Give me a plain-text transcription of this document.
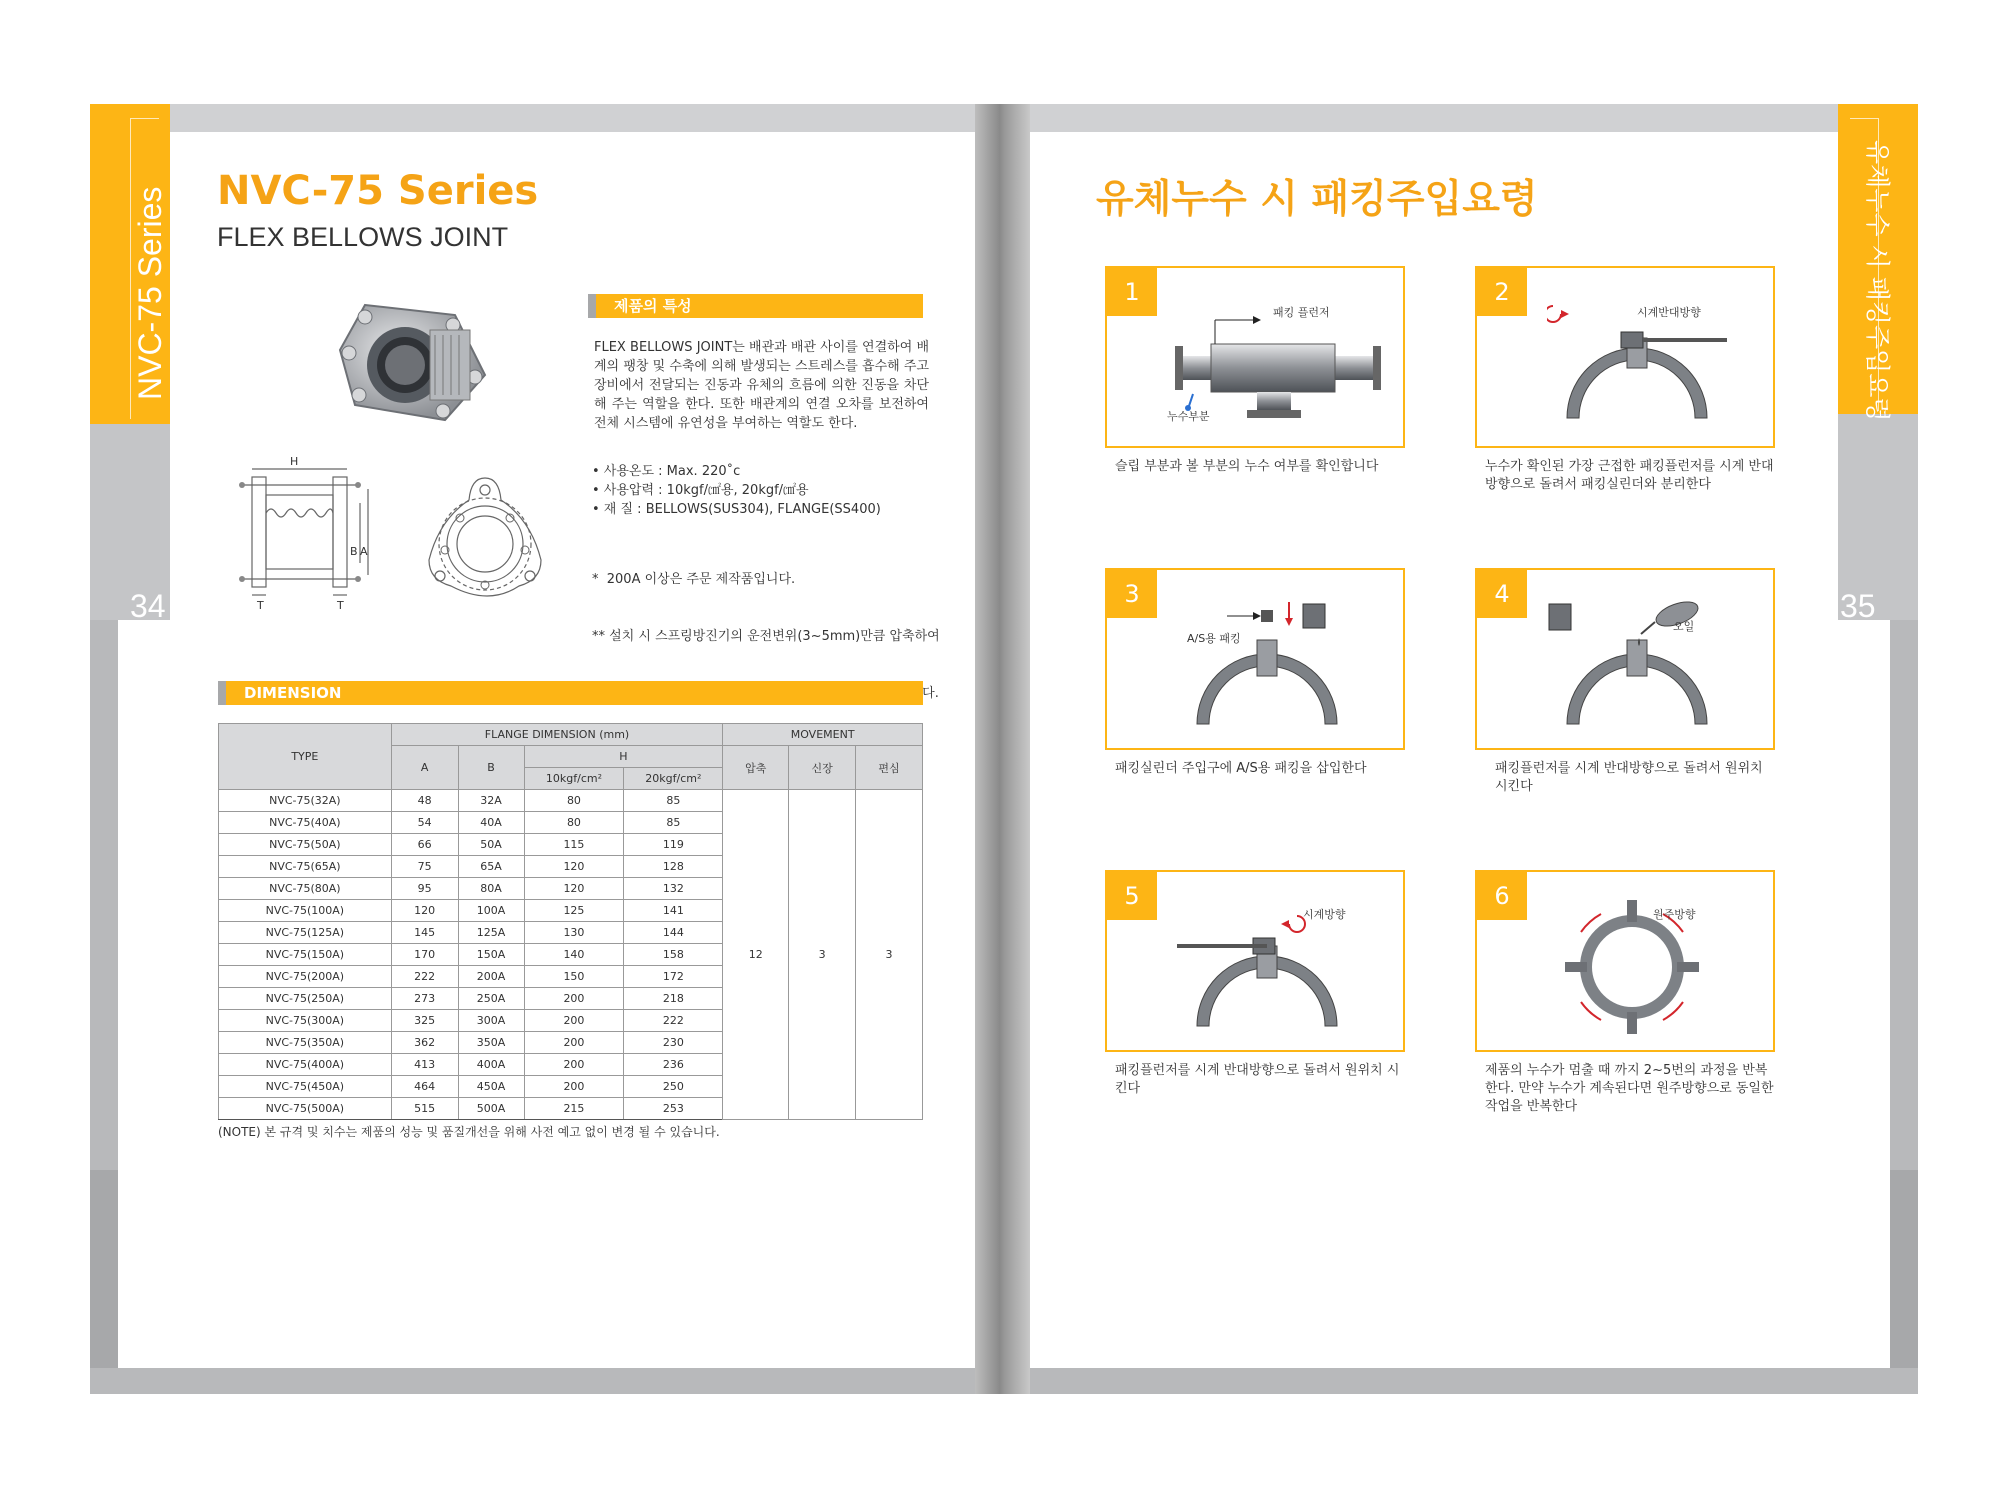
NVC-75 Series
34
NVC-75 Series
FLEX BELLOWS JOINT
H
B A
T	T
제품의 특성
FLEX BELLOWS JOINT는 배관과 배관 사이를 연결하여 배계의 팽창 및 수축에 의해 발생되는 스트레스를 흡수해 주고 장비에서 전달되는 진동과 유체의 흐름에 의한 진동을 차단해 주는 역할을 한다. 또한 배관계의 연결 오차를 보전하여 전체 시스템에 유연성을 부여하는 역할도 한다.
• 사용온도 : Max. 220˚c
• 사용압력 : 10kgf/㎠용, 20kgf/㎠용
• 재 질 : BELLOWS(SUS304), FLANGE(SS400)

*  200A 이상은 주문 제작품입니다.

** 설치 시 스프링방진기의 운전변위(3~5mm)만큼 압축하여

DIMENSION
TYPE	FLANGE DIMENSION (mm)				MOVEMENT		
	A	B	H		압축	신장	편심
			10kgf/cm²	20kgf/cm²			
NVC-75(32A)	48	32A	80	85	12	3	3
NVC-75(40A)	54	40A	80	85			
NVC-75(50A)	66	50A	115	119			
NVC-75(65A)	75	65A	120	128			
NVC-75(80A)	95	80A	120	132			
NVC-75(100A)	120	100A	125	141			
NVC-75(125A)	145	125A	130	144			
NVC-75(150A)	170	150A	140	158			
NVC-75(200A)	222	200A	150	172			
NVC-75(250A)	273	250A	200	218			
NVC-75(300A)	325	300A	200	222			
NVC-75(350A)	362	350A	200	230			
NVC-75(400A)	413	400A	200	236			
NVC-75(450A)	464	450A	200	250			
NVC-75(500A)	515	500A	215	253			
(NOTE) 본 규격 및 치수는 제품의 성능 및 품질개선을 위해 사전 예고 없이 변경 될 수 있습니다.
유체누수 시 패킹주입요령
35
유체누수 시 패킹주입요령
1
패킹 플런저
누수부분
슬립 부분과 볼 부분의 누수 여부를 확인합니다
2
시계반대방향
누수가 확인된 가장 근접한 패킹플런저를 시계 반대방향으로 돌려서 패킹실린더와 분리한다
3
A/S용 패킹
패킹실린더 주입구에 A/S용 패킹을 삽입한다
4
오일
패킹플런저를 시계 반대방향으로 돌려서 원위치 시킨다
5
시계방향
패킹플런저를 시계 반대방향으로 돌려서 원위치 시킨다
6
원주방향
제품의 누수가 멈출 때 까지 2~5번의 과정을 반복한다. 만약 누수가 계속된다면 원주방향으로 동일한 작업을 반복한다
